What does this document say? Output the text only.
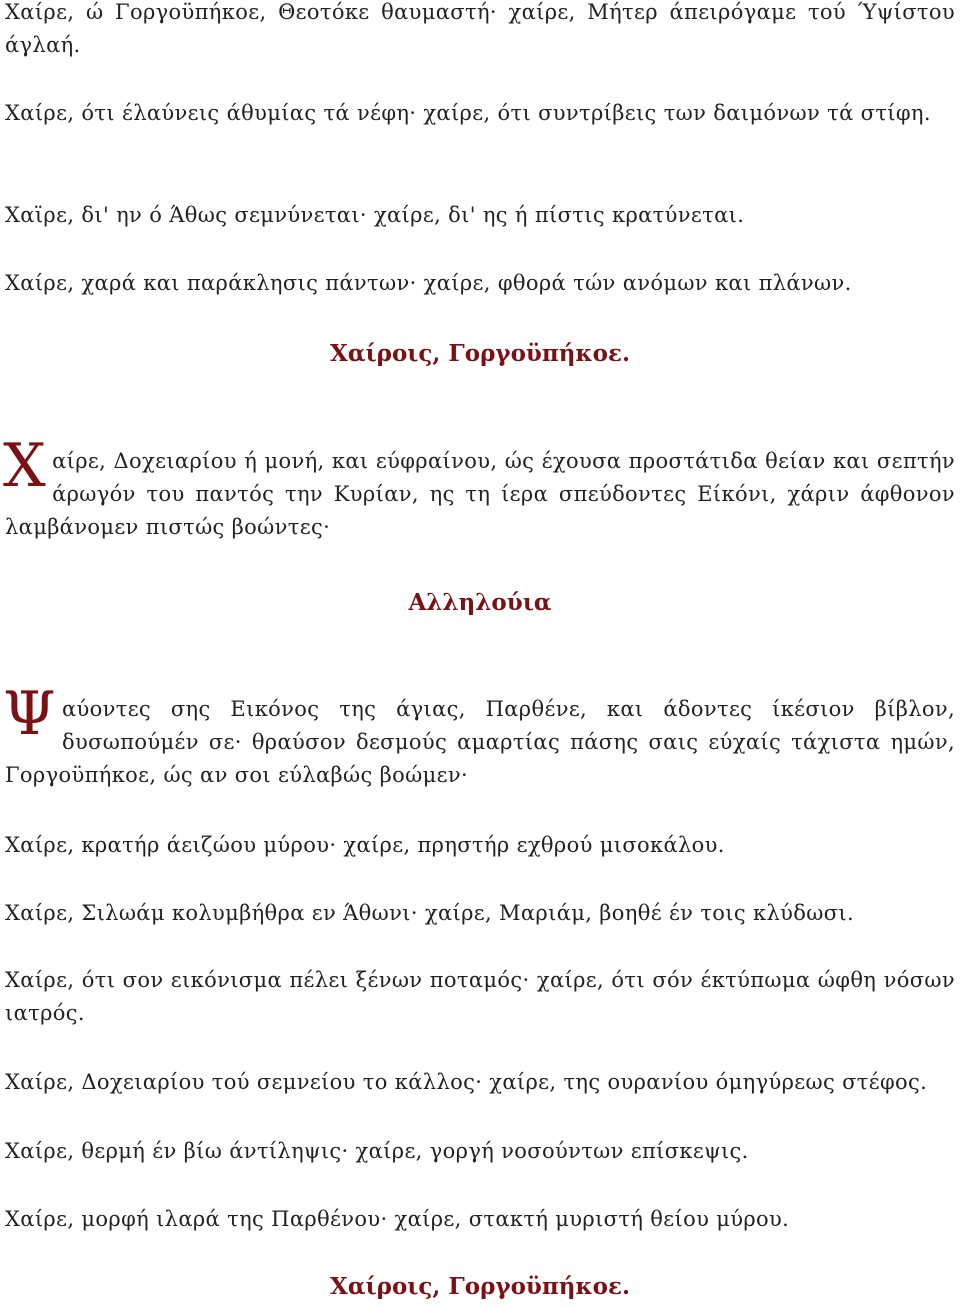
Χαίρε, ώ Γοργοϋπήκοε, Θεοτόκε θαυμαστή· χαίρε, Μήτερ άπειρόγαμε τού Ύψίστου άγλαή.

Χαίρε, ότι έλαύνεις άθυμίας τά νέφη· χαίρε, ότι συντρίβεις των δαιμόνων τά στίφη.

Χαϊρε, δι' ην ό Άθως σεμνύνεται· χαίρε, δι' ης ή πίστις κρατύνεται.

Χαίρε, χαρά και παράκλησις πάντων· χαίρε, φθορά τών ανόμων και πλάνων.

Χαίροις, Γοργοϋπήκοε.

Χ αίρε, Δοχειαρίου ή μονή, και εύφραίνου, ώς έχουσα προστάτιδα θείαν και σεπτήν άρωγόν του παντός την Κυρίαν, ης τη ίερα σπεύδοντες Είκόνι, χάριν άφθονον λαμβάνομεν πιστώς βοώντες·

Αλληλούια

Ψ αύοντες σης Εικόνος της άγιας, Παρθένε, και άδοντες ίκέσιον βίβλον, δυσωπούμέν σε· θραύσον δεσμούς αμαρτίας πάσης σαις εύχαίς τάχιστα ημών, Γοργοϋπήκοε, ώς αν σοι εύλαβώς βοώμεν·

Χαίρε, κρατήρ άειζώου μύρου· χαίρε, πρηστήρ εχθρού μισοκάλου.

Χαίρε, Σιλωάμ κολυμβήθρα εν Άθωνι· χαίρε, Μαριάμ, βοηθέ έν τοις κλύδωσι.

Χαίρε, ότι σον εικόνισμα πέλει ξένων ποταμός· χαίρε, ότι σόν έκτύπωμα ώφθη νόσων ιατρός.

Χαίρε, Δοχειαρίου τού σεμνείου το κάλλος· χαίρε, της ουρανίου όμηγύρεως στέφος.

Χαίρε, θερμή έν βίω άντίληψις· χαίρε, γοργή νοσούντων επίσκεψις.

Χαίρε, μορφή ιλαρά της Παρθένου· χαίρε, στακτή μυριστή θείου μύρου.

Χαίροις, Γοργοϋπήκοε.
